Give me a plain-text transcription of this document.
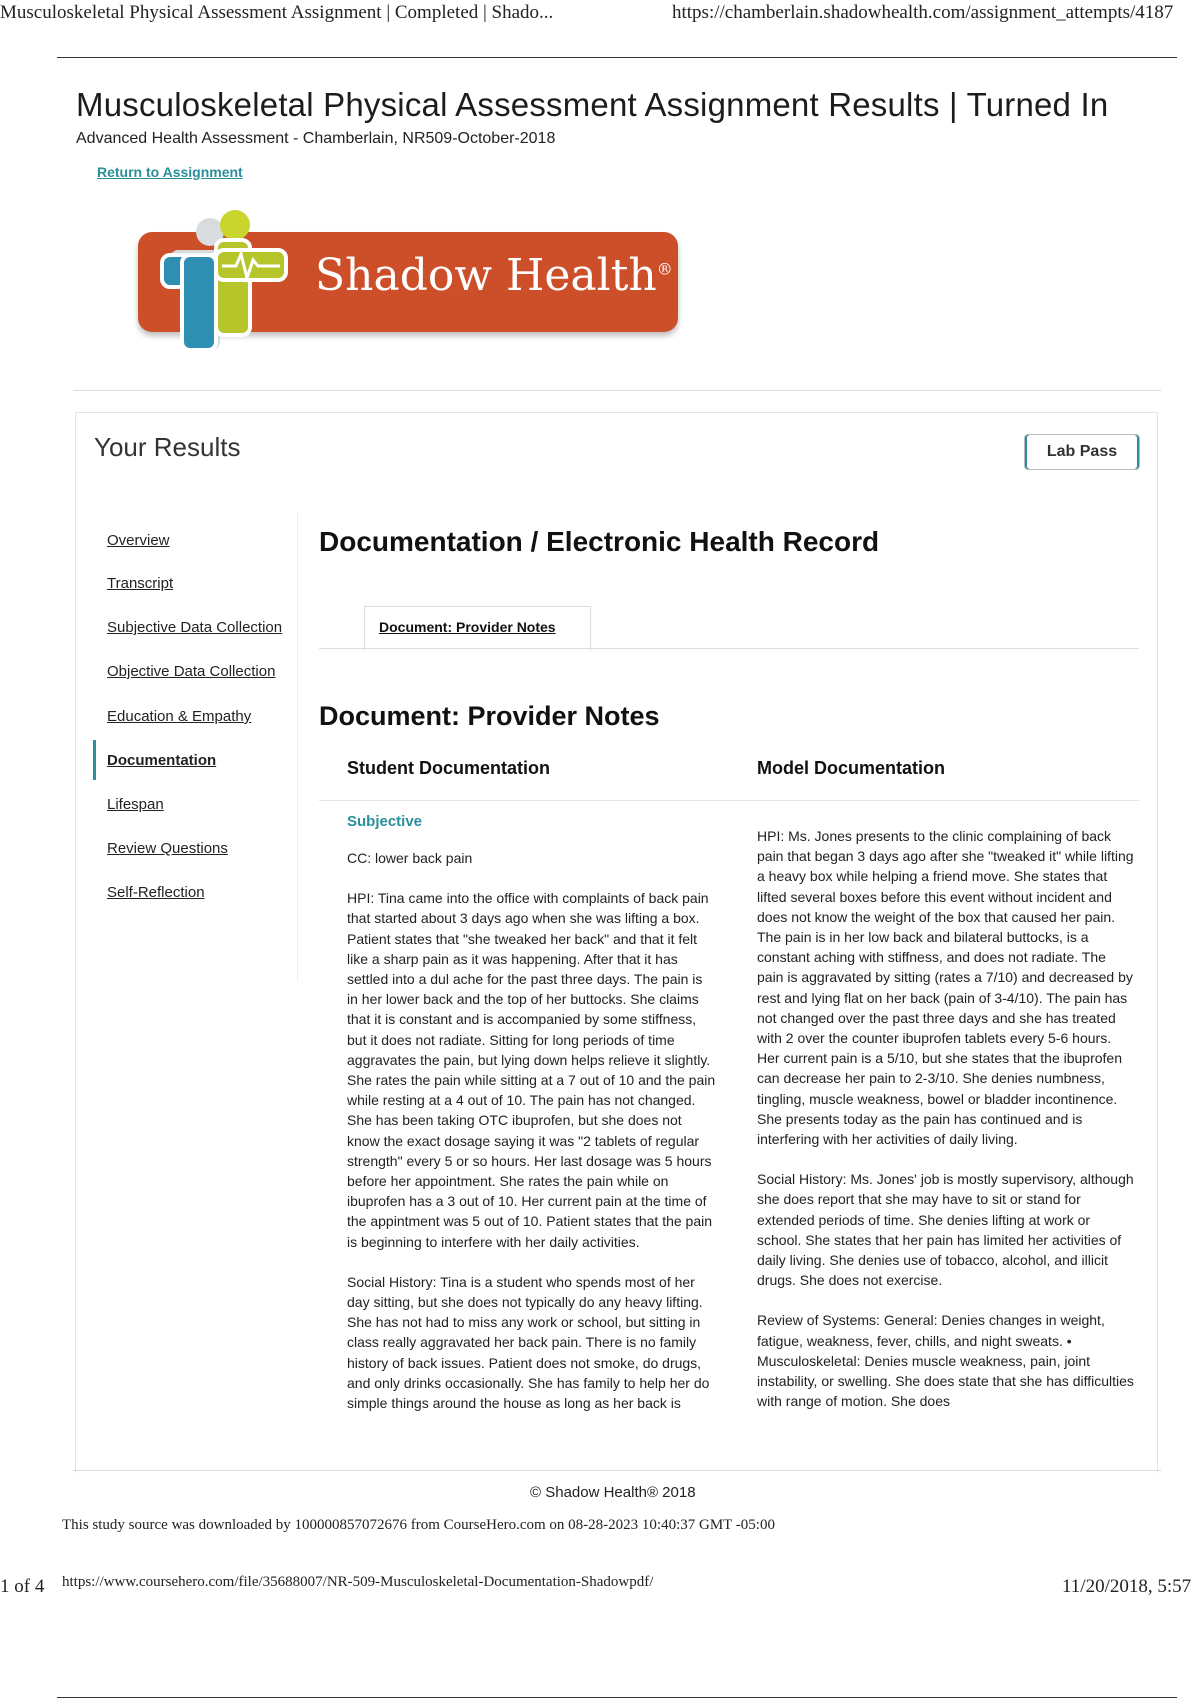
Musculoskeletal Physical Assessment Assignment | Completed | Shado...	https://chamberlain.shadowhealth.com/assignment_attempts/4187
Musculoskeletal Physical Assessment Assignment Results | Turned In
Advanced Health Assessment - Chamberlain, NR509-October-2018
Return to Assignment
Shadow Health®
Your Results	Lab Pass
Overview
Transcript
Subjective Data Collection
Objective Data Collection
Education & Empathy
Documentation
Lifespan
Review Questions
Self-Reflection
Documentation / Electronic Health Record
Document: Provider Notes
Document: Provider Notes
Student Documentation	Model Documentation
Subjective

CC: lower back pain

HPI: Tina came into the office with complaints of back pain that started about 3 days ago when she was lifting a box. Patient states that "she tweaked her back" and that it felt like a sharp pain as it was happening. After that it has settled into a dul ache for the past three days. The pain is in her lower back and the top of her buttocks. She claims that it is constant and is accompanied by some stiffness, but it does not radiate. Sitting for long periods of time aggravates the pain, but lying down helps relieve it slightly. She rates the pain while sitting at a 7 out of 10 and the pain while resting at a 4 out of 10. The pain has not changed. She has been taking OTC ibuprofen, but she does not know the exact dosage saying it was "2 tablets of regular strength" every 5 or so hours. Her last dosage was 5 hours before her appointment. She rates the pain while on ibuprofen has a 3 out of 10. Her current pain at the time of the appintment was 5 out of 10. Patient states that the pain is beginning to interfere with her daily activities.

Social History: Tina is a student who spends most of her day sitting, but she does not typically do any heavy lifting. She has not had to miss any work or school, but sitting in class really aggravated her back pain. There is no family history of back issues. Patient does not smoke, do drugs, and only drinks occasionally. She has family to help her do simple things around the house as long as her back is

HPI: Ms. Jones presents to the clinic complaining of back pain that began 3 days ago after she "tweaked it" while lifting a heavy box while helping a friend move. She states that lifted several boxes before this event without incident and does not know the weight of the box that caused her pain. The pain is in her low back and bilateral buttocks, is a constant aching with stiffness, and does not radiate. The pain is aggravated by sitting (rates a 7/10) and decreased by rest and lying flat on her back (pain of 3-4/10). The pain has not changed over the past three days and she has treated with 2 over the counter ibuprofen tablets every 5-6 hours. Her current pain is a 5/10, but she states that the ibuprofen can decrease her pain to 2-3/10. She denies numbness, tingling, muscle weakness, bowel or bladder incontinence. She presents today as the pain has continued and is interfering with her activities of daily living.

Social History: Ms. Jones' job is mostly supervisory, although she does report that she may have to sit or stand for extended periods of time. She denies lifting at work or school. She states that her pain has limited her activities of daily living. She denies use of tobacco, alcohol, and illicit drugs. She does not exercise.

Review of Systems: General: Denies changes in weight, fatigue, weakness, fever, chills, and night sweats. • Musculoskeletal: Denies muscle weakness, pain, joint instability, or swelling. She does state that she has difficulties with range of motion. She does

© Shadow Health® 2018
This study source was downloaded by 100000857072676 from CourseHero.com on 08-28-2023 10:40:37 GMT -05:00
1 of 4 https://www.coursehero.com/file/35688007/NR-509-Musculoskeletal-Documentation-Shadowpdf/	11/20/2018, 5:57
